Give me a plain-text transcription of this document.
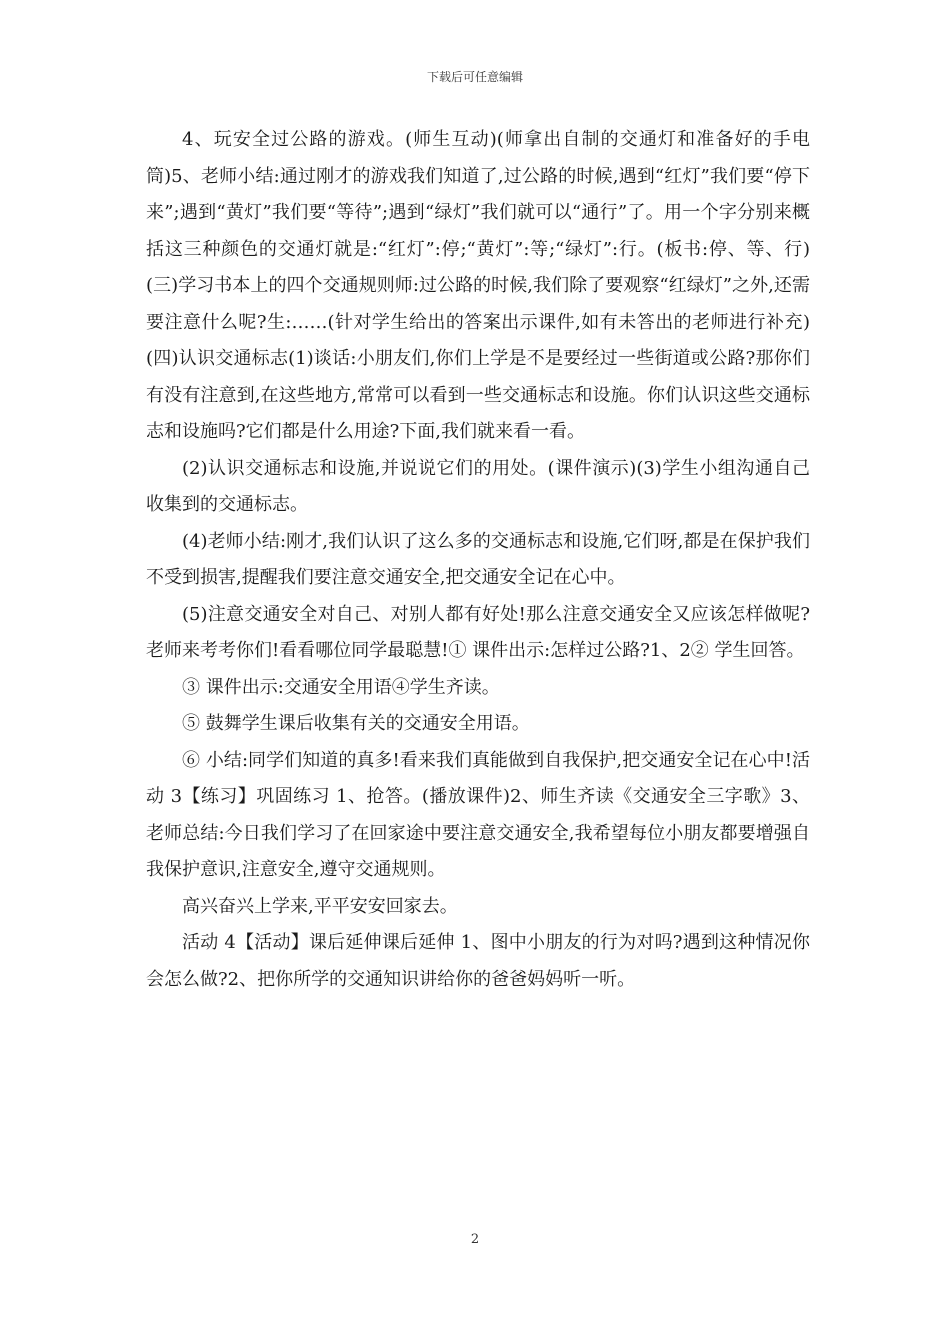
下载后可任意编辑

4、玩安全过公路的游戏。(师生互动)(师拿出自制的交通灯和准备好的手电筒)5、老师小结:通过刚才的游戏我们知道了,过公路的时候,遇到“红灯”我们要“停下来”;遇到“黄灯”我们要“等待”;遇到“绿灯”我们就可以“通行”了。用一个字分别来概括这三种颜色的交通灯就是:“红灯”:停;“黄灯”:等;“绿灯”:行。(板书:停、等、行)(三)学习书本上的四个交通规则师:过公路的时候,我们除了要观察“红绿灯”之外,还需要注意什么呢?生:……(针对学生给出的答案出示课件,如有未答出的老师进行补充)(四)认识交通标志(1)谈话:小朋友们,你们上学是不是要经过一些街道或公路?那你们有没有注意到,在这些地方,常常可以看到一些交通标志和设施。你们认识这些交通标志和设施吗?它们都是什么用途?下面,我们就来看一看。

(2)认识交通标志和设施,并说说它们的用处。(课件演示)(3)学生小组沟通自己收集到的交通标志。

(4)老师小结:刚才,我们认识了这么多的交通标志和设施,它们呀,都是在保护我们不受到损害,提醒我们要注意交通安全,把交通安全记在心中。

(5)注意交通安全对自己、对别人都有好处!那么注意交通安全又应该怎样做呢?老师来考考你们!看看哪位同学最聪慧!① 课件出示:怎样过公路?1、2② 学生回答。

③ 课件出示:交通安全用语④学生齐读。

⑤ 鼓舞学生课后收集有关的交通安全用语。

⑥ 小结:同学们知道的真多!看来我们真能做到自我保护,把交通安全记在心中!活动 3【练习】巩固练习 1、抢答。(播放课件)2、师生齐读《交通安全三字歌》3、老师总结:今日我们学习了在回家途中要注意交通安全,我希望每位小朋友都要增强自我保护意识,注意安全,遵守交通规则。

高兴奋兴上学来,平平安安回家去。

活动 4【活动】课后延伸课后延伸 1、图中小朋友的行为对吗?遇到这种情况你会怎么做?2、把你所学的交通知识讲给你的爸爸妈妈听一听。

2
